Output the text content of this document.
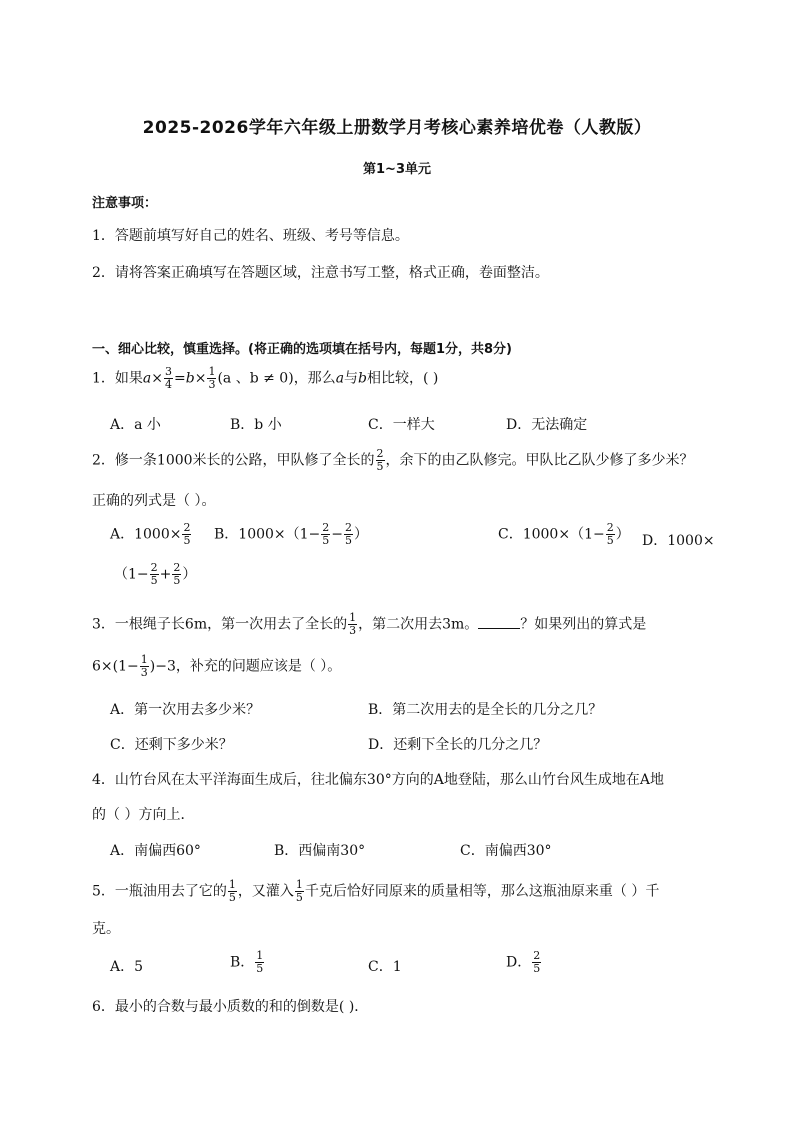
2025-2026学年六年级上册数学月考核心素养培优卷（人教版）
第1~3单元
注意事项：
1．答题前填写好自己的姓名、班级、考号等信息。
2．请将答案正确填写在答题区域，注意书写工整，格式正确，卷面整洁。
一、细心比较，慎重选择。(将正确的选项填在括号内，每题1分，共8分)
1．如果$a\times \frac{3}{4} =b\times \frac{1}{3} (a$ 、b ≠ 0)，那么a与b相比较，( )
A．a 小	B．b 小	C．一样大	D．无法确定
2．修一条1000米长的公路，甲队修了全长的 $\frac{2}{5}$ ，余下的由乙队修完。甲队比乙队少修了多少米？
正确的列式是（ ）。
A．$1000\times \frac{2}{5}$ B．$1000\times(1- \frac{2}{5} - \frac{2}{5}$ ）	C．$1000\times(1- \frac{2}{5}$ ） D．1000×
（$1- \frac{2}{5} + \frac{2}{5}$ ）
3．一根绳子长6m，第一次用去了全长的 $\frac{1}{3}$ ，第二次用去3m。	？如果列出的算式是
$6\times(1- \frac{1}{3} )-3$，补充的问题应该是（ ）。
A．第一次用去多少米？	B．第二次用去的是全长的几分之几？
C．还剩下多少米？	D．还剩下全长的几分之几？
4．山竹台风在太平洋海面生成后，往北偏东30°方向的A地登陆，那么山竹台风生成地在A地
的（ ）方向上．
A．南偏西60°	B．西偏南30°	C．南偏西30°
5．一瓶油用去了它的 $\frac{1}{5}$ ，又灌入 $\frac{1}{5}$ 千克后恰好同原来的质量相等，那么这瓶油原来重（ ）千
克。
A．5	B． $\frac{1}{5}$	C．1	D． $\frac{2}{5}$
6．最小的合数与最小质数的和的倒数是( )．
